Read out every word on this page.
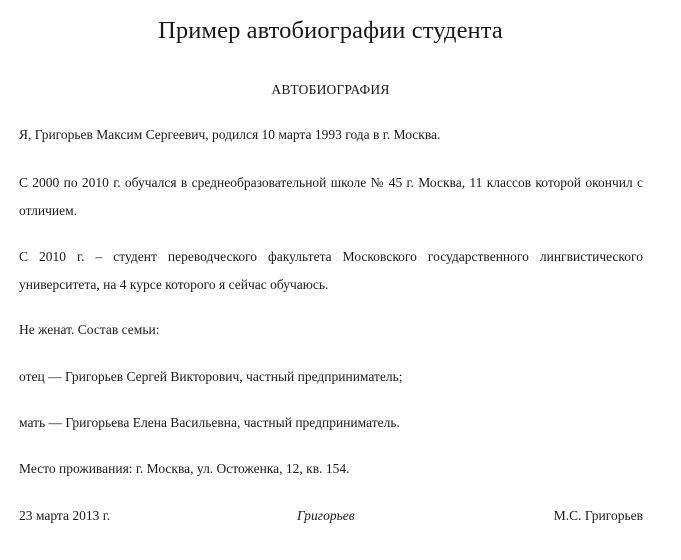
Пример автобиографии студента
АВТОБИОГРАФИЯ

Я, Григорьев Максим Сергеевич, родился 10 марта 1993 года в г. Москва.

С 2000 по 2010 г. обучался в среднеобразовательной школе № 45 г. Москва, 11 классов которой окончил с отличием.

С 2010 г. – студент переводческого факультета Московского государственного лингвистического университета, на 4 курсе которого я сейчас обучаюсь.

Не женат. Состав семьи:

отец — Григорьев Сергей Викторович, частный предприниматель;

мать — Григорьева Елена Васильевна, частный предприниматель.

Место проживания: г. Москва, ул. Остоженка, 12, кв. 154.

23 марта 2013 г.	Григорьев	М.С. Григорьев
